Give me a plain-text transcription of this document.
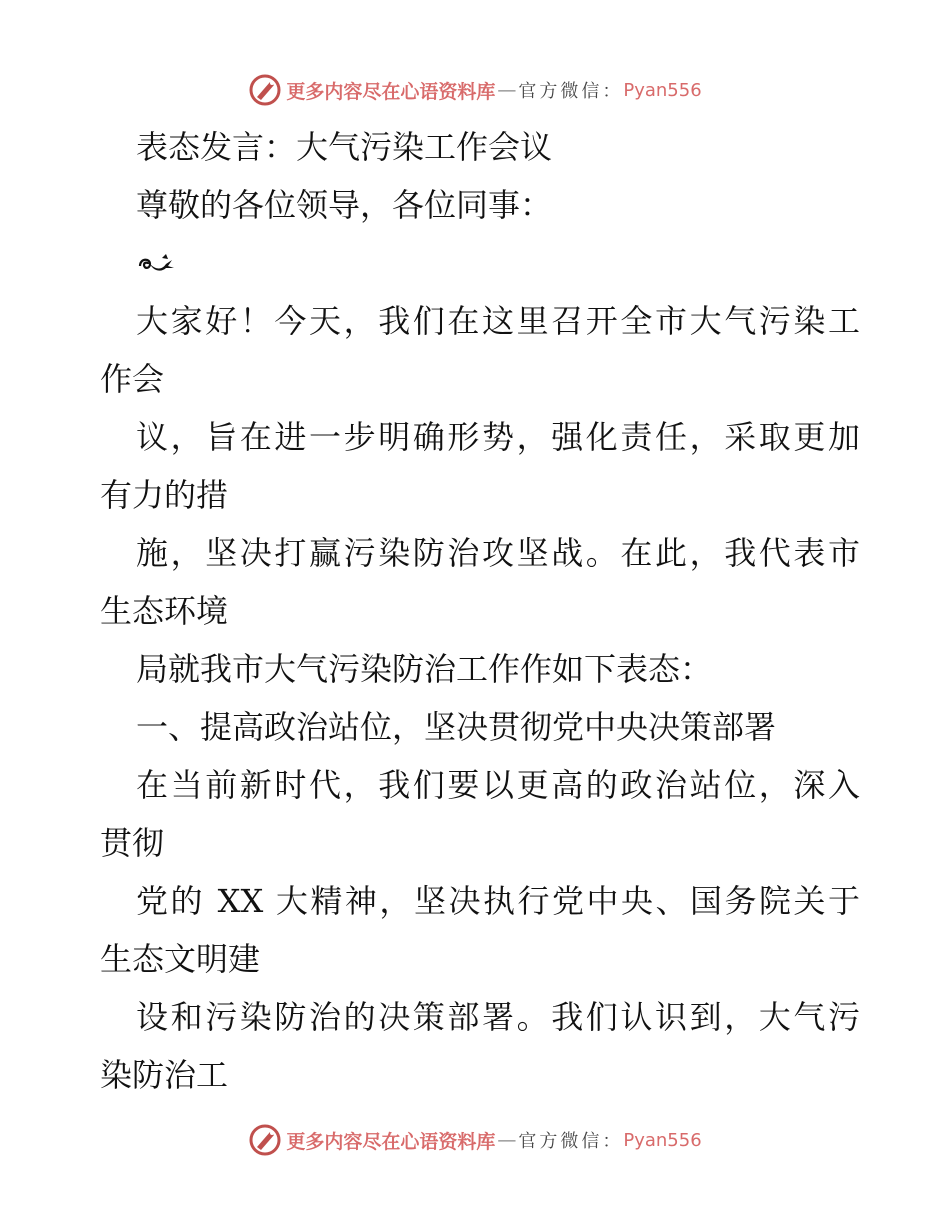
更多内容尽在心语资料库 — 官方微信： Pyan556
表态发言：大气污染工作会议
尊敬的各位领导，各位同事：
大家好！今天，我们在这里召开全市大气污染工
作会
议，旨在进一步明确形势，强化责任，采取更加
有力的措
施，坚决打赢污染防治攻坚战。在此，我代表市
生态环境
局就我市大气污染防治工作作如下表态：
一、提高政治站位，坚决贯彻党中央决策部署
在当前新时代，我们要以更高的政治站位，深入
贯彻
党的 XX 大精神，坚决执行党中央、国务院关于
生态文明建
设和污染防治的决策部署。我们认识到，大气污
染防治工
更多内容尽在心语资料库 — 官方微信： Pyan556
